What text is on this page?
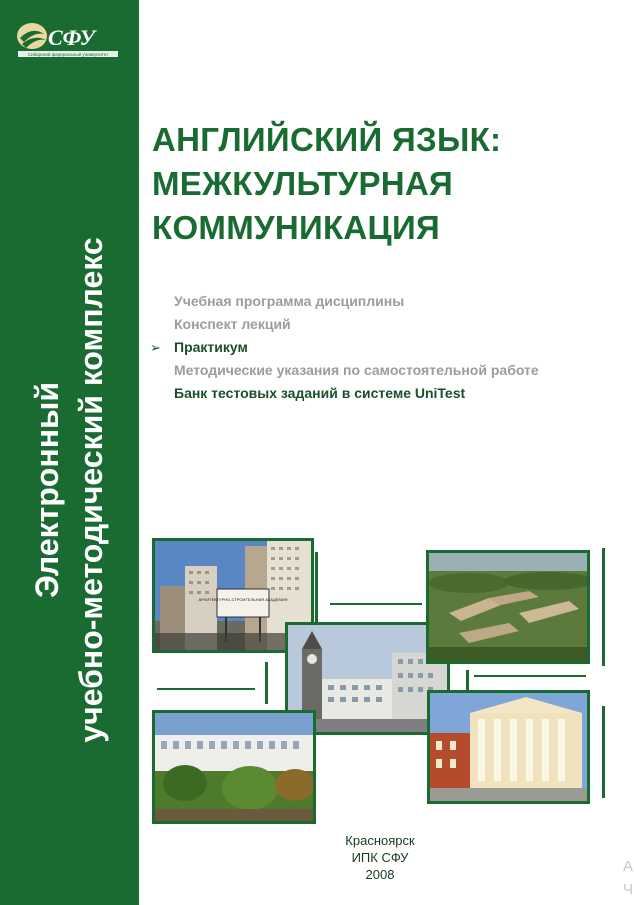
СФУ
Сибирский федеральный университет
Электронный учебно-методический комплекс
АНГЛИЙСКИЙ ЯЗЫК:
МЕЖКУЛЬТУРНАЯ
КОММУНИКАЦИЯ
Учебная программа дисциплины
Конспект лекций
➢ Практикум
Методические указания по самостоятельной работе
Банк тестовых заданий в системе UniTest
АРХИТЕКТУРНО-СТРОИТЕЛЬНАЯ АКАДЕМИЯ
Красноярск
ИПК СФУ
2008	А
Ч
